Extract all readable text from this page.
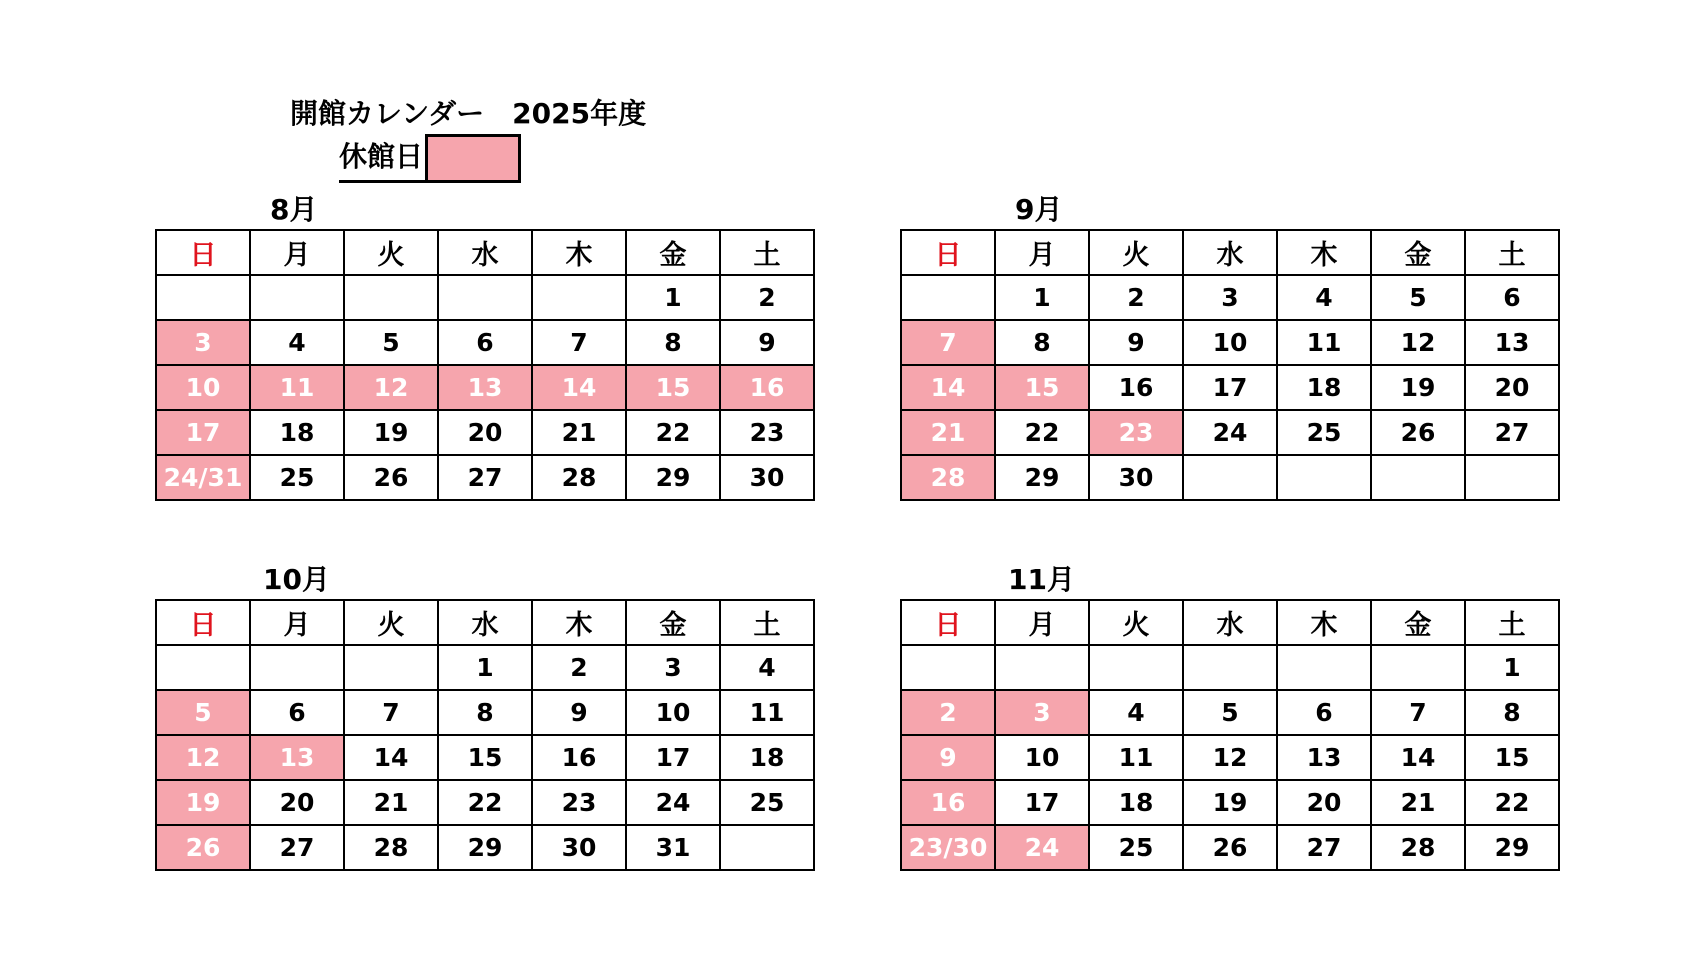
開館カレンダー　2025年度
休館日
8月
日	月	火	水	木	金	土
					1	2
3	4	5	6	7	8	9
10	11	12	13	14	15	16
17	18	19	20	21	22	23
24/31	25	26	27	28	29	30
9月
日	月	火	水	木	金	土
	1	2	3	4	5	6
7	8	9	10	11	12	13
14	15	16	17	18	19	20
21	22	23	24	25	26	27
28	29	30				
10月
日	月	火	水	木	金	土
			1	2	3	4
5	6	7	8	9	10	11
12	13	14	15	16	17	18
19	20	21	22	23	24	25
26	27	28	29	30	31	
11月
日	月	火	水	木	金	土
						1
2	3	4	5	6	7	8
9	10	11	12	13	14	15
16	17	18	19	20	21	22
23/30	24	25	26	27	28	29
